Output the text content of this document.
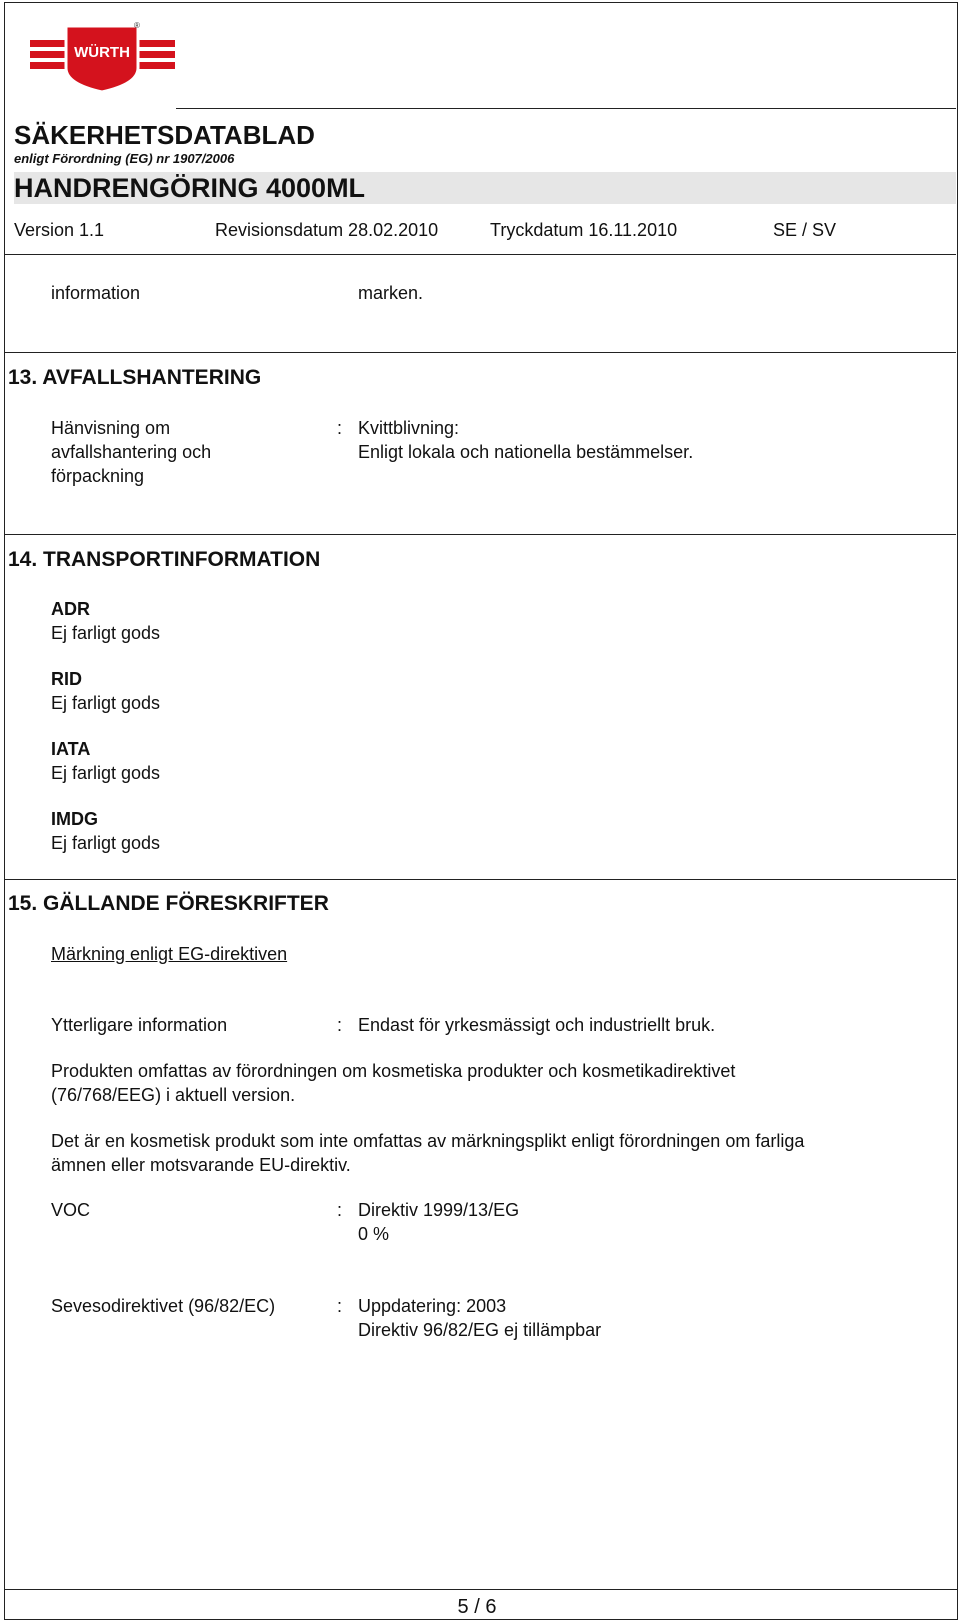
WÜRTH
®
SÄKERHETSDATABLAD
enligt Förordning (EG) nr 1907/2006
HANDRENGÖRING 4000ML
Version 1.1	Revisionsdatum 28.02.2010	Tryckdatum 16.11.2010	SE / SV
information	marken.
13. AVFALLSHANTERING
Hänvisning om
avfallshantering och
förpackning
: Kvittblivning:
Enligt lokala och nationella bestämmelser.
14. TRANSPORTINFORMATION
ADR
Ej farligt gods
RID
Ej farligt gods
IATA
Ej farligt gods
IMDG
Ej farligt gods
15. GÄLLANDE FÖRESKRIFTER
Märkning enligt EG-direktiven
Ytterligare information	: Endast för yrkesmässigt och industriellt bruk.
Produkten omfattas av förordningen om kosmetiska produkter och kosmetikadirektivet
(76/768/EEG) i aktuell version.
Det är en kosmetisk produkt som inte omfattas av märkningsplikt enligt förordningen om farliga
ämnen eller motsvarande EU-direktiv.
VOC	: Direktiv 1999/13/EG
0 %
Sevesodirektivet (96/82/EC)	: Uppdatering: 2003
Direktiv 96/82/EG ej tillämpbar
5 / 6
